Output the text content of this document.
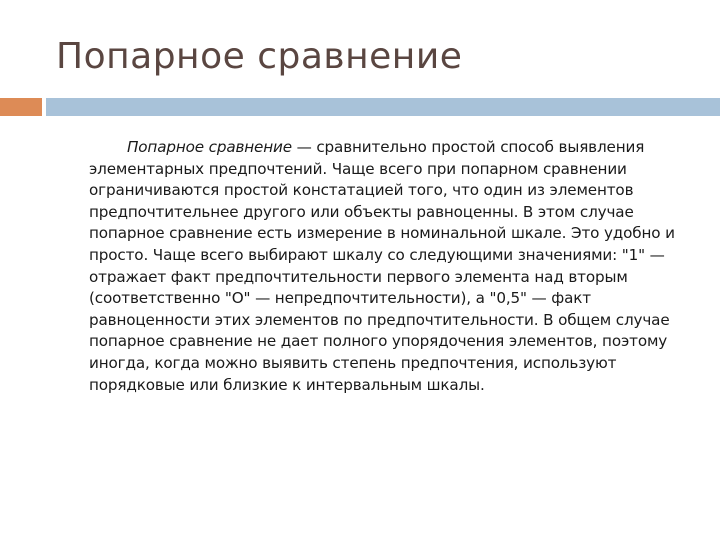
Попарное сравнение

Попарное сравнение — сравнительно простой способ выявления элементарных предпочтений. Чаще всего при попарном сравнении ограничиваются простой констатацией того, что один из элементов предпочтительнее другого или объекты равноценны. В этом случае попарное сравнение есть измерение в номинальной шкале. Это удобно и просто. Чаще всего выбирают шкалу со следующими значениями: "1" — отражает факт предпочтительности первого элемента над вторым (соответственно "О" — непредпочтительности), а "0,5" — факт равноценности этих элементов по предпочтительности. В общем случае попарное сравнение не дает полного упорядочения элементов, поэтому иногда, когда можно выявить степень предпочтения, используют порядковые или близкие к интервальным шкалы.
